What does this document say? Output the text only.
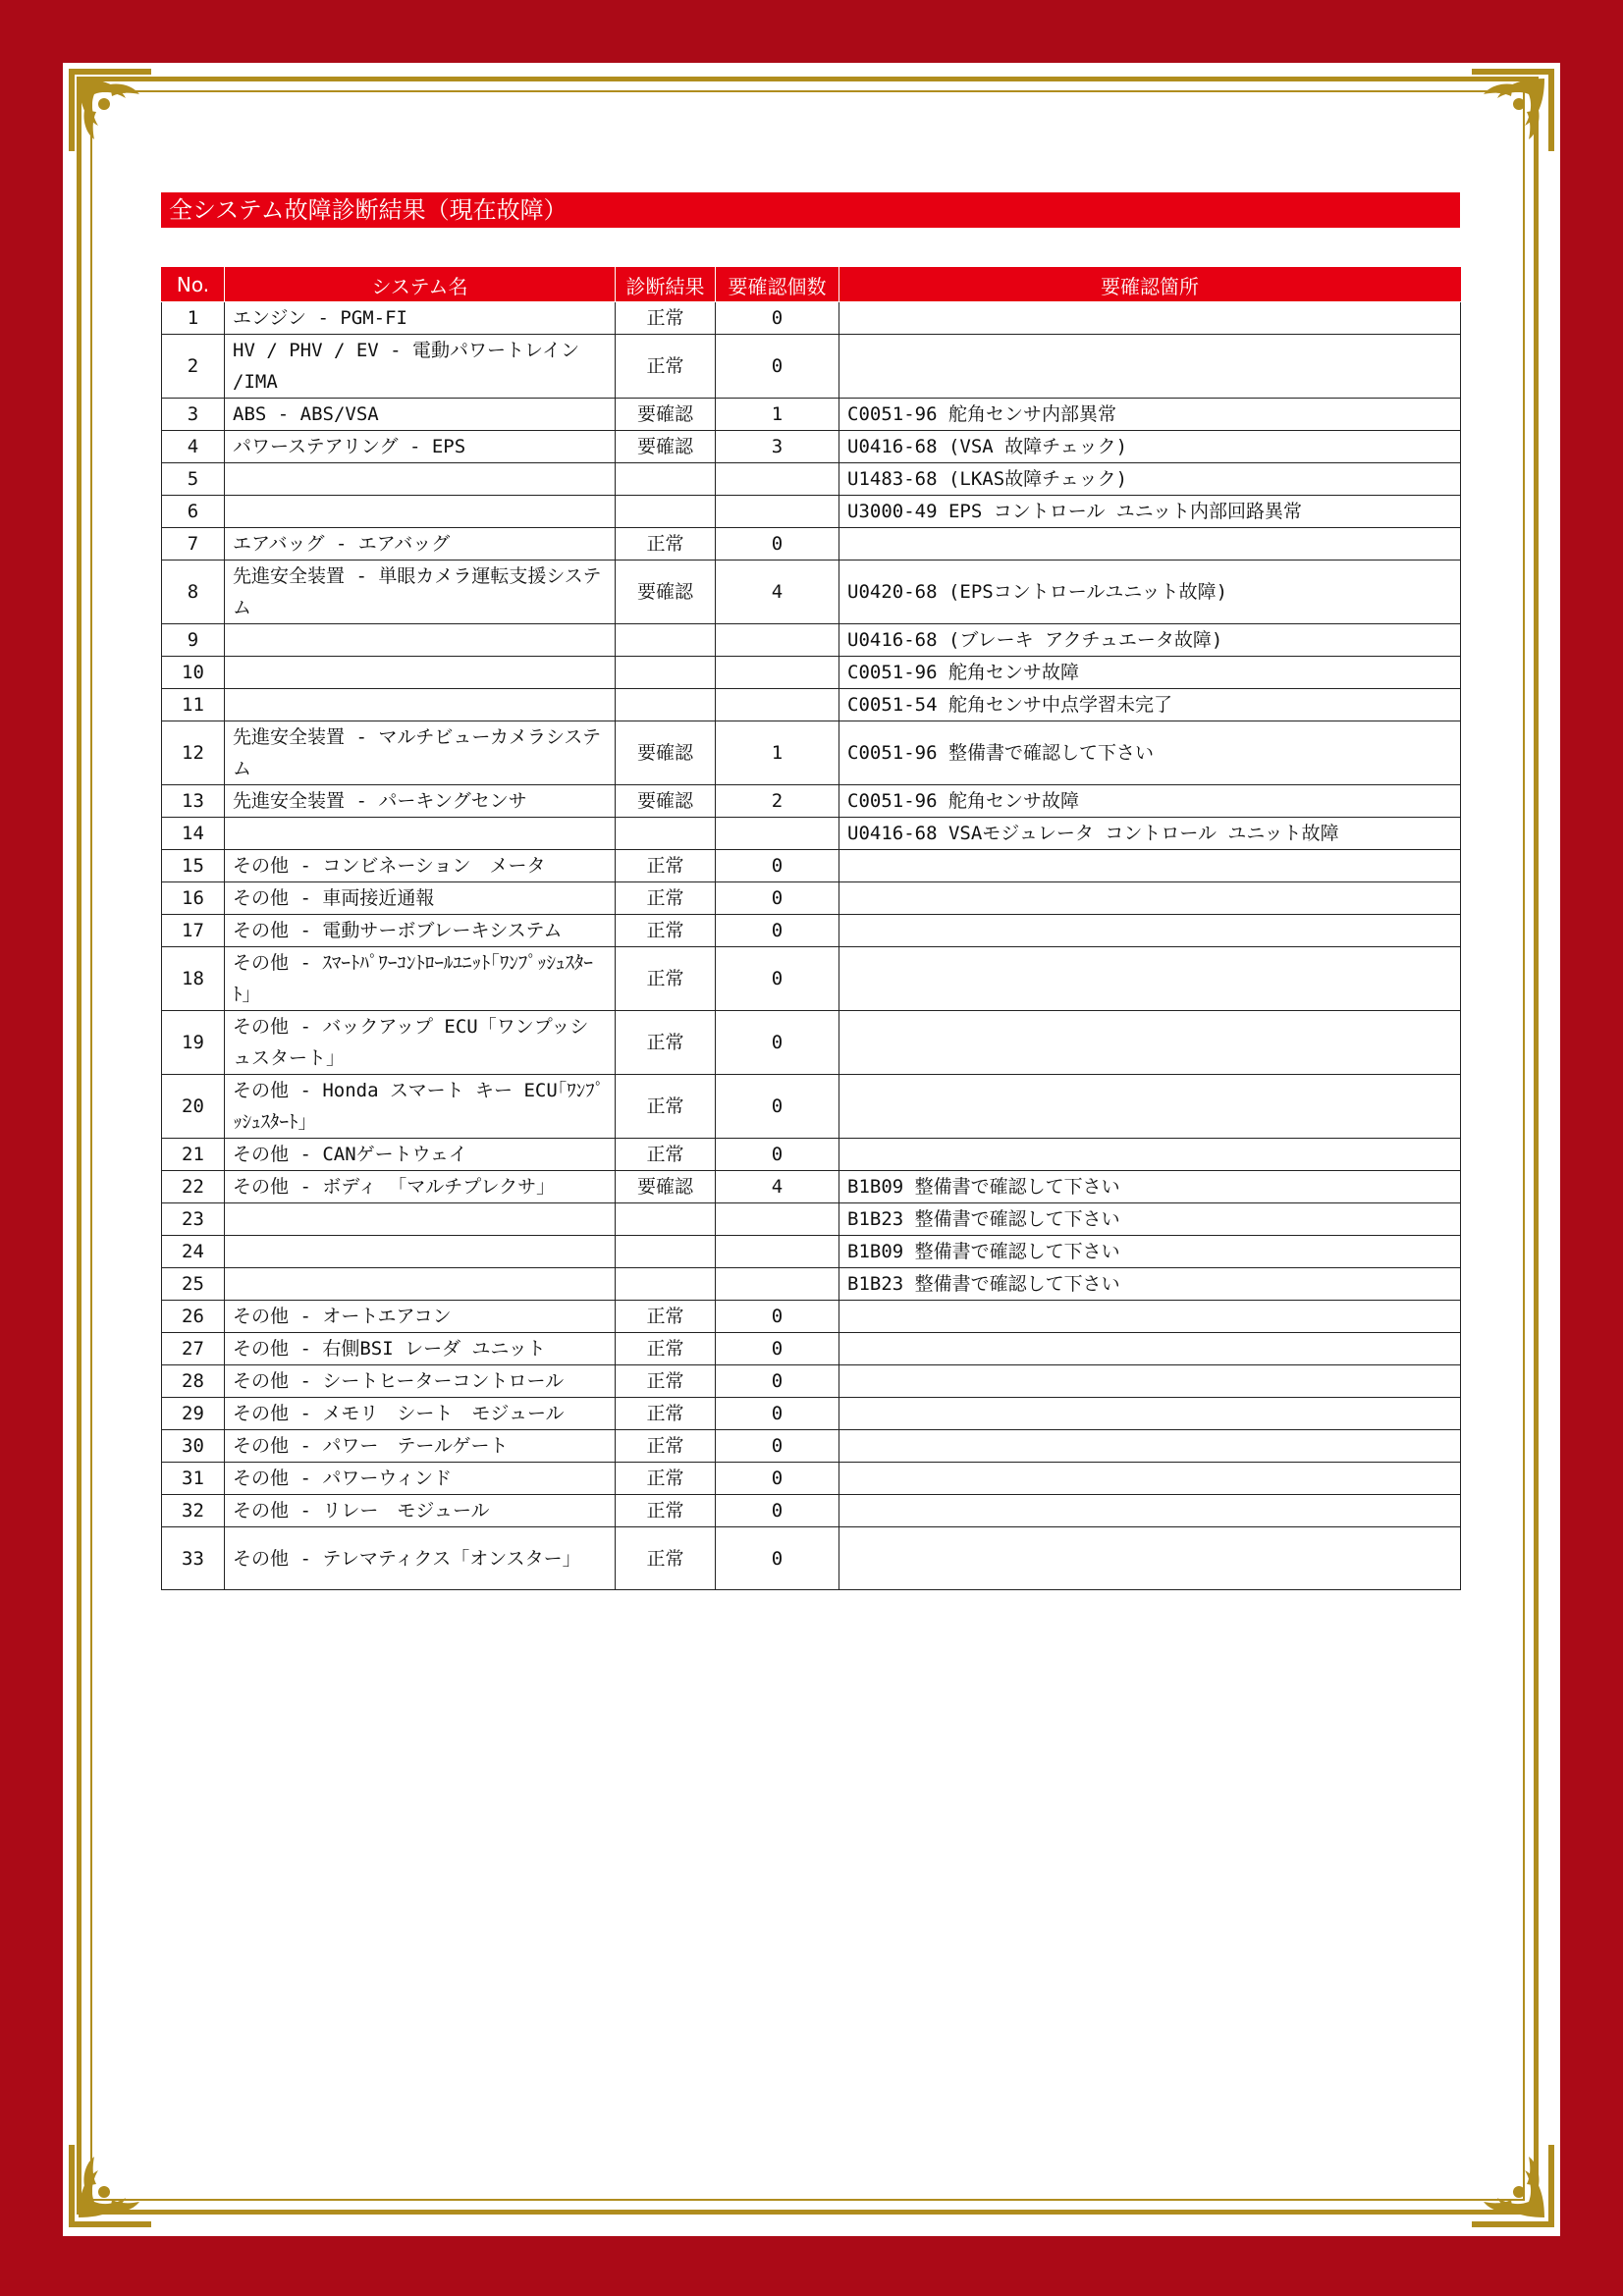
全システム故障診断結果（現在故障）
No.	システム名	診断結果	要確認個数	要確認箇所
1	エンジン - PGM-FI	正常	0	
2	HV / PHV / EV - 電動パワートレイン /IMA	正常	0	
3	ABS - ABS/VSA	要確認	1	C0051-96 舵角センサ内部異常
4	パワーステアリング - EPS	要確認	3	U0416-68 (VSA 故障チェック)
5				U1483-68 (LKAS故障チェック)
6				U3000-49 EPS コントロール ユニット内部回路異常
7	エアバッグ - エアバッグ	正常	0	
8	先進安全装置 - 単眼カメラ運転支援システム	要確認	4	U0420-68 (EPSコントロールユニット故障)
9				U0416-68 (ブレーキ アクチュエータ故障)
10				C0051-96 舵角センサ故障
11				C0051-54 舵角センサ中点学習未完了
12	先進安全装置 - マルチビューカメラシステム	要確認	1	C0051-96 整備書で確認して下さい
13	先進安全装置 - パーキングセンサ	要確認	2	C0051-96 舵角センサ故障
14				U0416-68 VSAモジュレータ コントロール ユニット故障
15	その他 - コンビネーション　メータ	正常	0	
16	その他 - 車両接近通報	正常	0	
17	その他 - 電動サーボブレーキシステム	正常	0	
18	その他 - ｽﾏｰﾄﾊﾟﾜｰｺﾝﾄﾛｰﾙﾕﾆｯﾄ｢ﾜﾝﾌﾟｯｼｭｽﾀｰﾄ｣	正常	0	
19	その他 - バックアップ ECU「ワンプッシュスタート」	正常	0	
20	その他 - Honda スマート キー ECU｢ﾜﾝﾌﾟｯｼｭｽﾀｰﾄ｣	正常	0	
21	その他 - CANゲートウェイ	正常	0	
22	その他 - ボディ 「マルチプレクサ」	要確認	4	B1B09 整備書で確認して下さい
23				B1B23 整備書で確認して下さい
24				B1B09 整備書で確認して下さい
25				B1B23 整備書で確認して下さい
26	その他 - オートエアコン	正常	0	
27	その他 - 右側BSI レーダ ユニット	正常	0	
28	その他 - シートヒーターコントロール	正常	0	
29	その他 - メモリ　シート　モジュール	正常	0	
30	その他 - パワー　テールゲート	正常	0	
31	その他 - パワーウィンド	正常	0	
32	その他 - リレー　モジュール	正常	0	
33	その他 - テレマティクス「オンスター」	正常	0	
